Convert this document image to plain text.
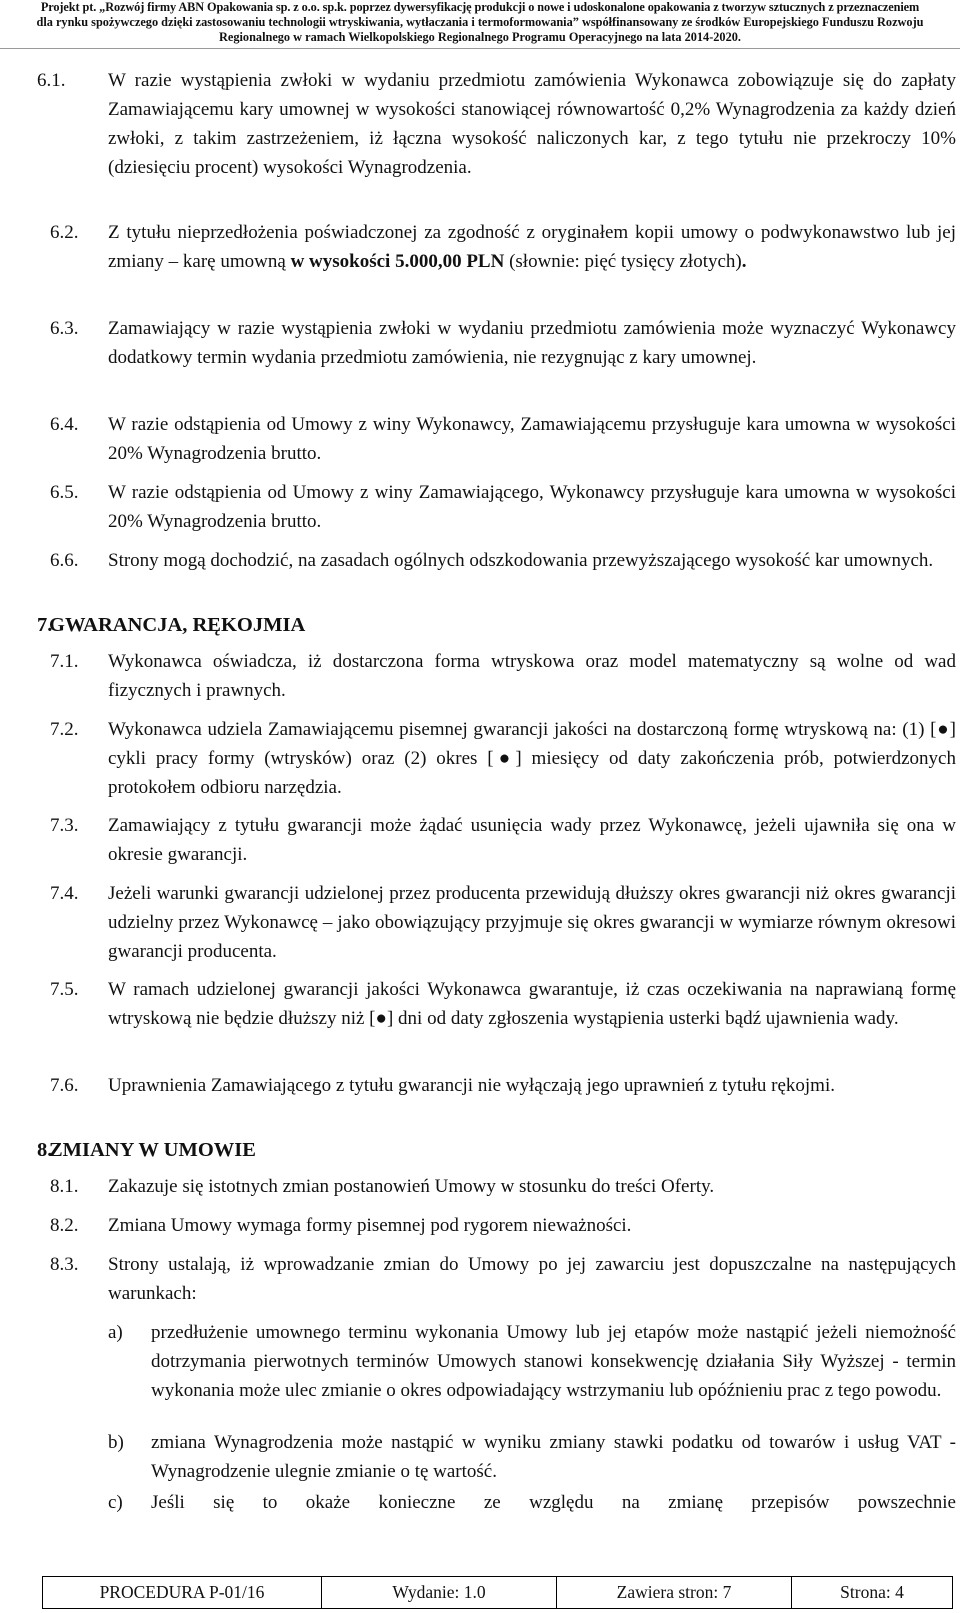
Projekt pt. „Rozwój firmy ABN Opakowania sp. z o.o. sp.k. poprzez dywersyfikację produkcji o nowe i udoskonalone opakowania z tworzyw sztucznych z przeznaczeniem
dla rynku spożywczego dzięki zastosowaniu technologii wtryskiwania, wytłaczania i termoformowania” współfinansowany ze środków Europejskiego Funduszu Rozwoju
Regionalnego w ramach Wielkopolskiego Regionalnego Programu Operacyjnego na lata 2014-2020.
6.1. W razie wystąpienia zwłoki w wydaniu przedmiotu zamówienia Wykonawca zobowiązuje się do zapłaty Zamawiającemu kary umownej w wysokości stanowiącej równowartość 0,2% Wynagrodzenia za każdy dzień zwłoki, z takim zastrzeżeniem, iż łączna wysokość naliczonych kar, z tego tytułu nie przekroczy 10% (dziesięciu procent) wysokości Wynagrodzenia.
6.2. Z tytułu nieprzedłożenia poświadczonej za zgodność z oryginałem kopii umowy o podwykonawstwo lub jej zmiany – karę umowną w wysokości 5.000,00 PLN (słownie: pięć tysięcy złotych).
6.3. Zamawiający w razie wystąpienia zwłoki w wydaniu przedmiotu zamówienia może wyznaczyć Wykonawcy dodatkowy termin wydania przedmiotu zamówienia, nie rezygnując z kary umownej.
6.4. W razie odstąpienia od Umowy z winy Wykonawcy, Zamawiającemu przysługuje kara umowna w wysokości 20% Wynagrodzenia brutto.
6.5. W razie odstąpienia od Umowy z winy Zamawiającego, Wykonawcy przysługuje kara umowna w wysokości 20% Wynagrodzenia brutto.
6.6. Strony mogą dochodzić, na zasadach ogólnych odszkodowania przewyższającego wysokość kar umownych.
7.
GWARANCJA, RĘKOJMIA
7.1. Wykonawca oświadcza, iż dostarczona forma wtryskowa oraz model matematyczny są wolne od wad fizycznych i prawnych.
7.2. Wykonawca udziela Zamawiającemu pisemnej gwarancji jakości na dostarczoną formę wtryskową na: (1) [●] cykli pracy formy (wtrysków) oraz (2) okres [●] miesięcy od daty zakończenia prób, potwierdzonych protokołem odbioru narzędzia.
7.3. Zamawiający z tytułu gwarancji może żądać usunięcia wady przez Wykonawcę, jeżeli ujawniła się ona w okresie gwarancji.
7.4. Jeżeli warunki gwarancji udzielonej przez producenta przewidują dłuższy okres gwarancji niż okres gwarancji udzielny przez Wykonawcę – jako obowiązujący przyjmuje się okres gwarancji w wymiarze równym okresowi gwarancji producenta.
7.5. W ramach udzielonej gwarancji jakości Wykonawca gwarantuje, iż czas oczekiwania na naprawianą formę wtryskową nie będzie dłuższy niż [●] dni od daty zgłoszenia wystąpienia usterki bądź ujawnienia wady.
7.6. Uprawnienia Zamawiającego z tytułu gwarancji nie wyłączają jego uprawnień z tytułu rękojmi.
8.
ZMIANY W UMOWIE
8.1. Zakazuje się istotnych zmian postanowień Umowy w stosunku do treści Oferty.
8.2. Zmiana Umowy wymaga formy pisemnej pod rygorem nieważności.
8.3. Strony ustalają, iż wprowadzanie zmian do Umowy po jej zawarciu jest dopuszczalne na następujących warunkach:
a) przedłużenie umownego terminu wykonania Umowy lub jej etapów może nastąpić jeżeli niemożność dotrzymania pierwotnych terminów Umowych stanowi konsekwencję działania Siły Wyższej - termin wykonania może ulec zmianie o okres odpowiadający wstrzymaniu lub opóźnieniu prac z tego powodu.
b) zmiana Wynagrodzenia może nastąpić w wyniku zmiany stawki podatku od towarów i usług VAT - Wynagrodzenie ulegnie zmianie o tę wartość.
c) Jeśli się to okaże konieczne ze względu na zmianę przepisów powszechnie
PROCEDURA P-01/16	Wydanie: 1.0	Zawiera stron: 7	Strona: 4
